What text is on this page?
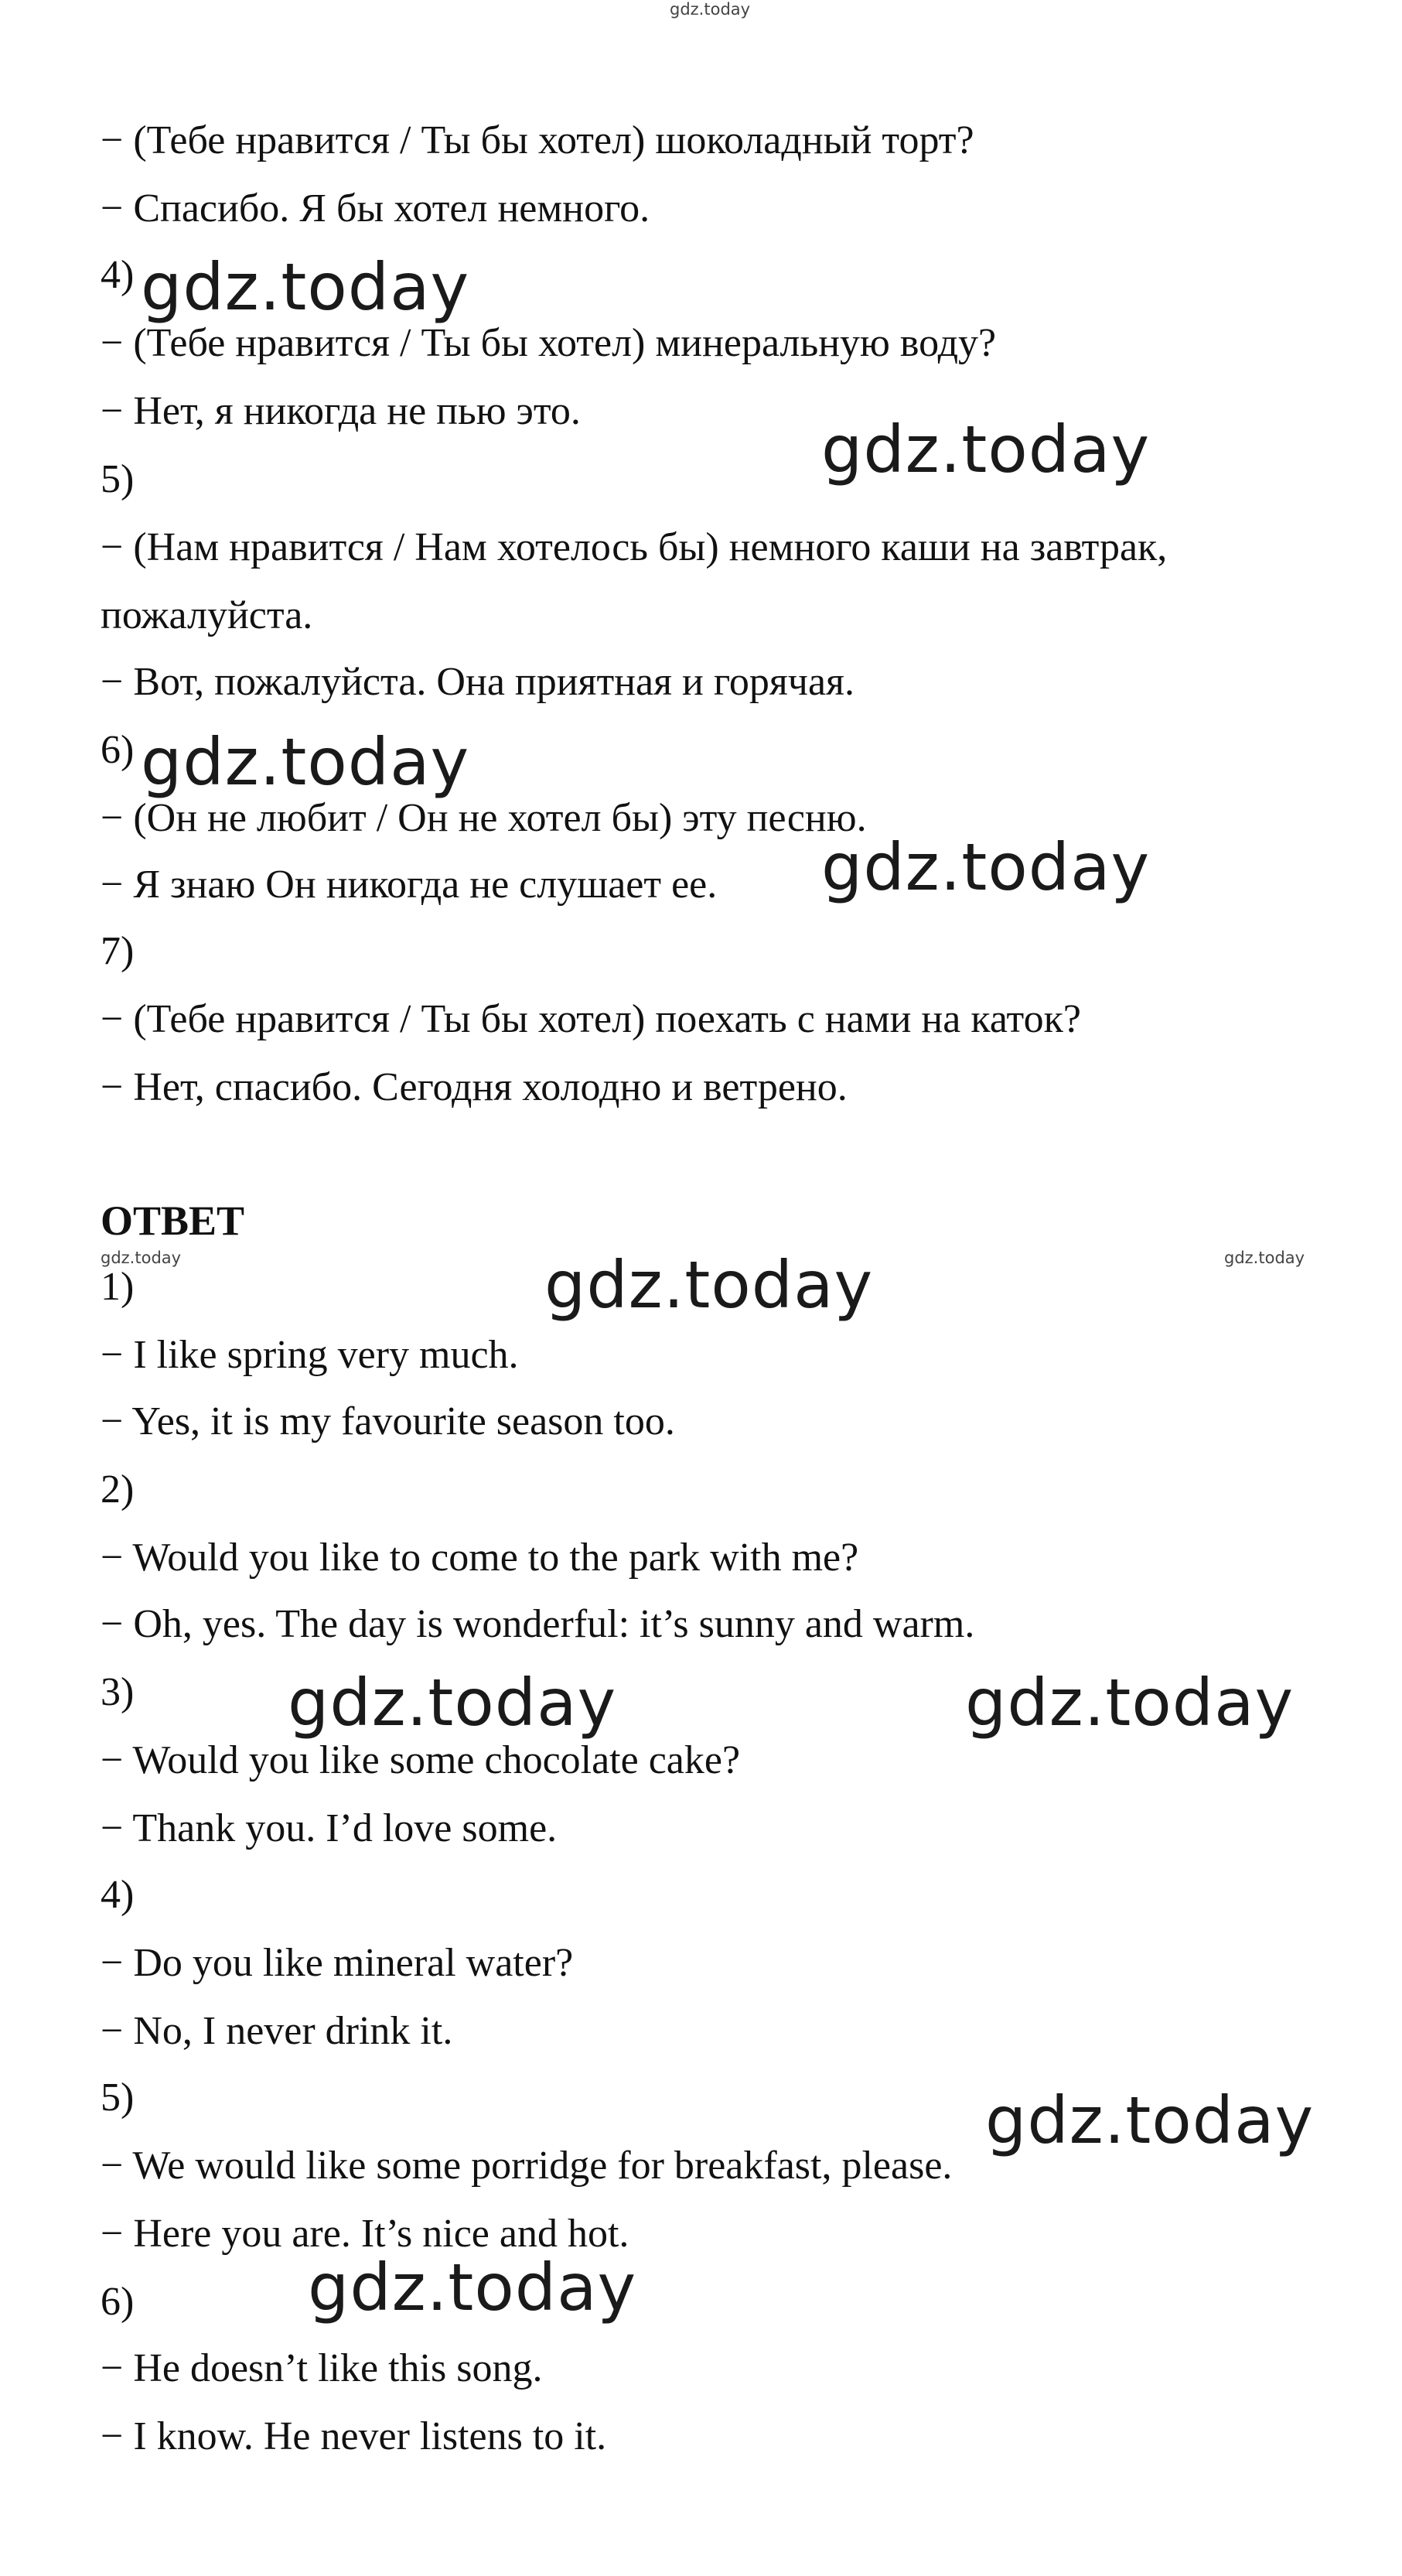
gdz.today
gdz.today	gdz.today
− (Тебе нравится / Ты бы хотел) шоколадный торт?
− Спасибо. Я бы хотел немного.
4) gdz.today
− (Тебе нравится / Ты бы хотел) минеральную воду?
− Нет, я никогда не пью это.
gdz.today
5)
− (Нам нравится / Нам хотелось бы) немного каши на завтрак,
пожалуйста.
− Вот, пожалуйста. Она приятная и горячая.
6) gdz.today
− (Он не любит / Он не хотел бы) эту песню.
− Я знаю Он никогда не слушает ее. gdz.today
7)
− (Тебе нравится / Ты бы хотел) поехать с нами на каток?
− Нет, спасибо. Сегодня холодно и ветрено.
ОТВЕТ
gdz.today
1)
− I like spring very much.
− Yes, it is my favourite season too.
2)
− Would you like to come to the park with me?
− Oh, yes. The day is wonderful: it’s sunny and warm.
3) gdz.today	gdz.today
− Would you like some chocolate cake?
− Thank you. I’d love some.
4)
− Do you like mineral water?
− No, I never drink it.
5)	gdz.today
− We would like some porridge for breakfast, please.
− Here you are. It’s nice and hot.
gdz.today
6)
− He doesn’t like this song.
− I know. He never listens to it.
